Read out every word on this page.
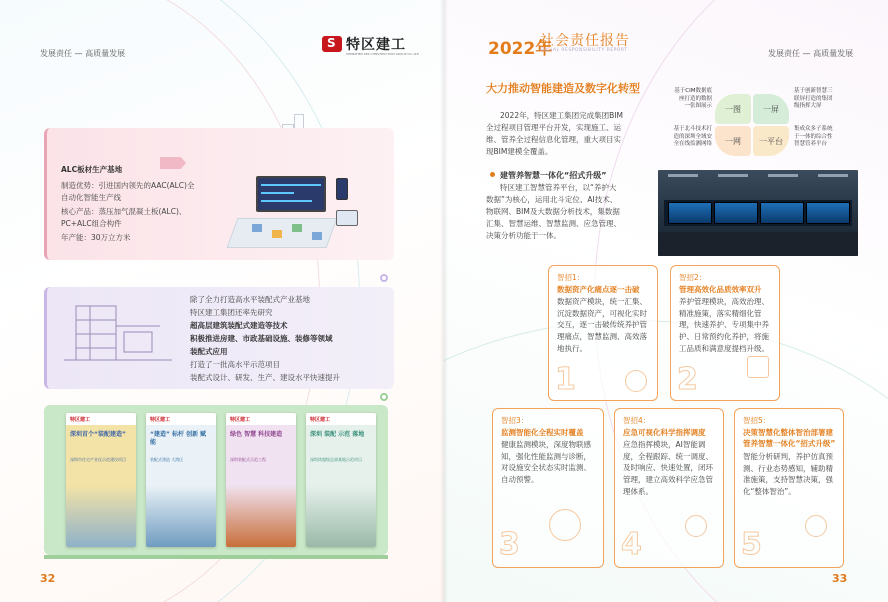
发展责任 — 高质量发展
S
特区建工
SHENZHEN SEZ CONSTRUCTION GROUP CO.,LTD
ALC板材生产基地
制造优势：引进国内领先的AAC(ALC)全
自动化智能生产线
核心产品：蒸压加气混凝土板(ALC)、
PC+ALC组合构件
年产能：30万立方米
除了全力打造高水平装配式产业基地
特区建工集团还率先研究
超高层建筑装配式建造等技术
积极推进房建、市政基础设施、装修等领域
装配式应用
打造了一批高水平示范项目
装配式设计、研发、生产、建设水平快速提升
特区建工
深圳首个“装配建造”
深圳市住宅产业化示范建设项目
特区建工
“建造” 标杆 创新 赋能
装配式建造 大湾区
特区建工
绿色 智慧 科技建造
深圳装配式示范工程
特区建工
深圳 装配 示范 落地
深圳湾超级总部基地示范项目
32
2022年
社会责任报告
SOCIAL RESPONSIBILITY REPORT	发展责任 — 高质量发展
大力推动智能建造及数字化转型
2022年，特区建工集团完成集团BIM
全过程项目管理平台开发，实现施工、运
维、管养全过程信息化管理，重大项目实
现BIM建模全覆盖。
建管养智慧一体化“招式升级”
特区建工智慧管养平台，以“养护大
数据”为核心，运用北斗定位、AI技术、
物联网、BIM及大数据分析技术，集数据
汇集、智慧运维、智慧监测、应急管理、
决策分析功能于一体。
基于CIM数据底
座打造的数据
一张图展示
基于创新智慧三
联屏打造的集团
级指挥大屏
基于北斗技术打
造的深圳全域安
全在线监测网络
集成众多子系统
于一体的综合性
智慧管养平台
一图	一屏
一网	一平台
智招1：
数据资产化痛点逐一击破
数据资产模块，统一汇集、
沉淀数据资产，可视化实时
交互，逐一击破传统养护管
理痛点，智慧监测、高效落
地执行。
1
智招2：
管理高效化品质效率双升
养护管理模块，高效治理、
精准施策，落实精细化管
理，快速养护、专项集中养
护、日常预约化养护，将施
工品质和满意度提档升级。
2
智招3：
监测智能化全程实时覆盖
健康监测模块，深度物联感
知，强化性能监测与诊断，
对设施安全状态实时监测、
自动预警。
3
智招4：
应急可视化科学指挥调度
应急指挥模块，AI智能调
度，全程跟踪、统一调度、
及时响应、快速处置，闭环
管理，建立高效科学应急管
理体系。
4
智招5：
决策智慧化整体智治部署建
管养智慧一体化“招式升级”
智能分析研判，养护仿真预
测、行业态势感知，辅助精
准施策，支持智慧决策，强
化“整体智治”。
5
33
